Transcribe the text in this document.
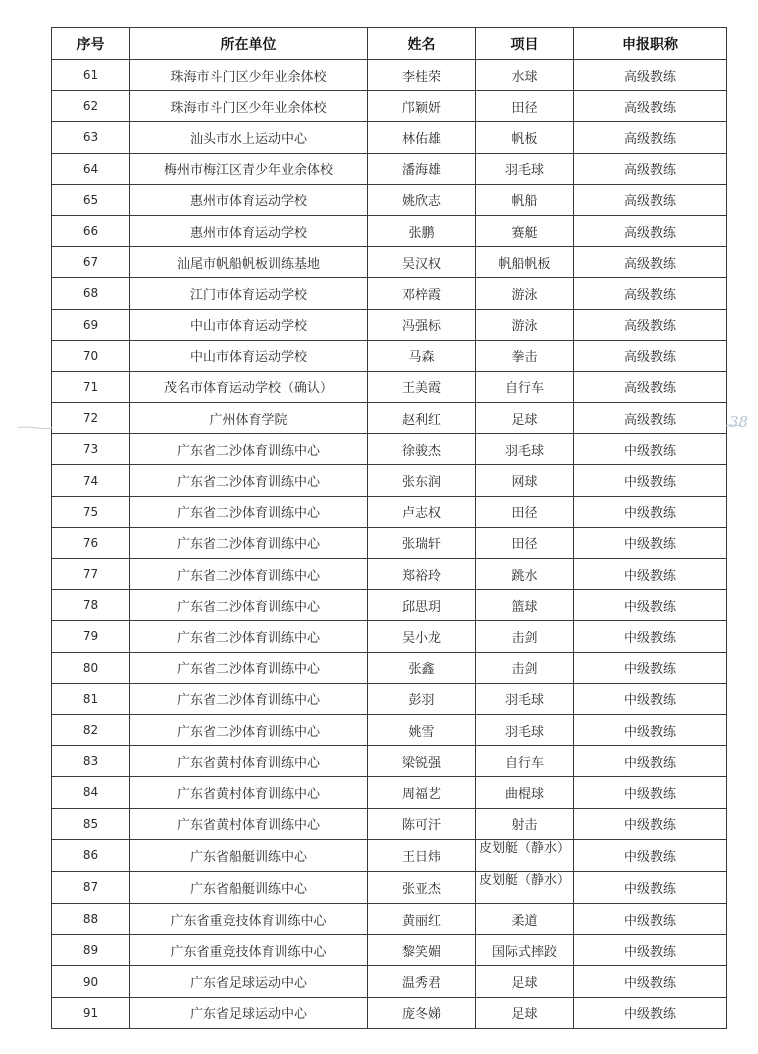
序号	所在单位	姓名	项目	申报职称
61	珠海市斗门区少年业余体校	李桂荣	水球	高级教练
62	珠海市斗门区少年业余体校	邝颖妍	田径	高级教练
63	汕头市水上运动中心	林佑雄	帆板	高级教练
64	梅州市梅江区青少年业余体校	潘海雄	羽毛球	高级教练
65	惠州市体育运动学校	姚欣志	帆船	高级教练
66	惠州市体育运动学校	张鹏	赛艇	高级教练
67	汕尾市帆船帆板训练基地	吴汉权	帆船帆板	高级教练
68	江门市体育运动学校	邓梓霞	游泳	高级教练
69	中山市体育运动学校	冯强标	游泳	高级教练
70	中山市体育运动学校	马森	拳击	高级教练
71	茂名市体育运动学校（确认）	王美霞	自行车	高级教练
72	广州体育学院	赵利红	足球	高级教练
73	广东省二沙体育训练中心	徐骏杰	羽毛球	中级教练
74	广东省二沙体育训练中心	张东润	网球	中级教练
75	广东省二沙体育训练中心	卢志权	田径	中级教练
76	广东省二沙体育训练中心	张瑞轩	田径	中级教练
77	广东省二沙体育训练中心	郑裕玲	跳水	中级教练
78	广东省二沙体育训练中心	邱思玥	篮球	中级教练
79	广东省二沙体育训练中心	吴小龙	击剑	中级教练
80	广东省二沙体育训练中心	张鑫	击剑	中级教练
81	广东省二沙体育训练中心	彭羽	羽毛球	中级教练
82	广东省二沙体育训练中心	姚雪	羽毛球	中级教练
83	广东省黄村体育训练中心	梁锐强	自行车	中级教练
84	广东省黄村体育训练中心	周福艺	曲棍球	中级教练
85	广东省黄村体育训练中心	陈可汗	射击	中级教练
86	广东省船艇训练中心	王日炜	皮划艇（静水）	中级教练
87	广东省船艇训练中心	张亚杰	皮划艇（静水）	中级教练
88	广东省重竞技体育训练中心	黄丽红	柔道	中级教练
89	广东省重竞技体育训练中心	黎笑媚	国际式摔跤	中级教练
90	广东省足球运动中心	温秀君	足球	中级教练
91	广东省足球运动中心	庞冬娣	足球	中级教练
38
